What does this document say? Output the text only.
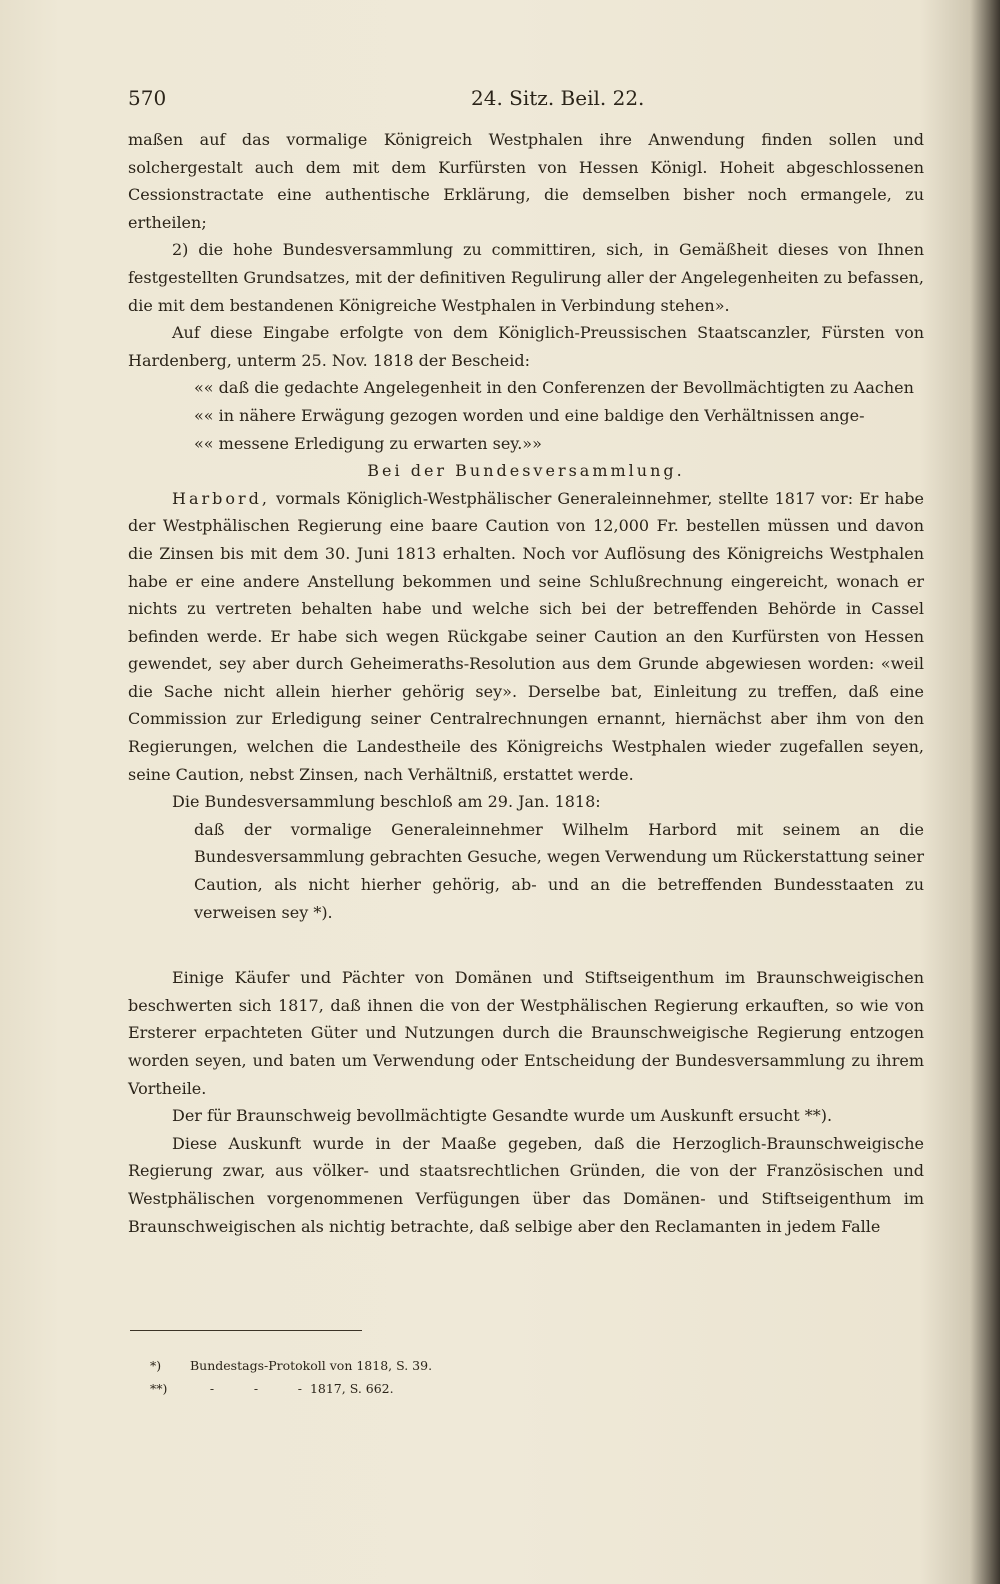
570	24. Sitz. Beil. 22.

maßen auf das vormalige Königreich Westphalen ihre Anwendung finden sollen und solchergestalt auch dem mit dem Kurfürsten von Hessen Königl. Hoheit abgeschlossenen Cessionstractate eine authentische Erklärung, die demselben bisher noch ermangele, zu ertheilen;

2) die hohe Bundesversammlung zu committiren, sich, in Gemäßheit dieses von Ihnen festgestellten Grundsatzes, mit der definitiven Regulirung aller der Angelegenheiten zu befassen, die mit dem bestandenen Königreiche Westphalen in Verbindung stehen».

Auf diese Eingabe erfolgte von dem Königlich-Preussischen Staatscanzler, Fürsten von Hardenberg, unterm 25. Nov. 1818 der Bescheid:

«« daß die gedachte Angelegenheit in den Conferenzen der Bevollmächtigten zu Aachen

«« in nähere Erwägung gezogen worden und eine baldige den Verhältnissen ange-

«« messene Erledigung zu erwarten sey.»»

Bei der Bundesversammlung.

Harbord, vormals Königlich-Westphälischer Generaleinnehmer, stellte 1817 vor: Er habe der Westphälischen Regierung eine baare Caution von 12,000 Fr. bestellen müssen und davon die Zinsen bis mit dem 30. Juni 1813 erhalten. Noch vor Auflösung des Königreichs Westphalen habe er eine andere Anstellung bekommen und seine Schlußrechnung eingereicht, wonach er nichts zu vertreten behalten habe und welche sich bei der betreffenden Behörde in Cassel befinden werde. Er habe sich wegen Rückgabe seiner Caution an den Kurfürsten von Hessen gewendet, sey aber durch Geheimeraths-Resolution aus dem Grunde abgewiesen worden: «weil die Sache nicht allein hierher gehörig sey». Derselbe bat, Einleitung zu treffen, daß eine Commission zur Erledigung seiner Centralrechnungen ernannt, hiernächst aber ihm von den Regierungen, welchen die Landestheile des Königreichs Westphalen wieder zugefallen seyen, seine Caution, nebst Zinsen, nach Verhältniß, erstattet werde.

Die Bundesversammlung beschloß am 29. Jan. 1818:

daß der vormalige Generaleinnehmer Wilhelm Harbord mit seinem an die Bundesversammlung gebrachten Gesuche, wegen Verwendung um Rückerstattung seiner Caution, als nicht hierher gehörig, ab- und an die betreffenden Bundesstaaten zu verweisen sey *).

Einige Käufer und Pächter von Domänen und Stiftseigenthum im Braunschweigischen beschwerten sich 1817, daß ihnen die von der Westphälischen Regierung erkauften, so wie von Ersterer erpachteten Güter und Nutzungen durch die Braunschweigische Regierung entzogen worden seyen, und baten um Verwendung oder Entscheidung der Bundesversammlung zu ihrem Vortheile.

Der für Braunschweig bevollmächtigte Gesandte wurde um Auskunft ersucht **).

Diese Auskunft wurde in der Maaße gegeben, daß die Herzoglich-Braunschweigische Regierung zwar, aus völker- und staatsrechtlichen Gründen, die von der Französischen und Westphälischen vorgenommenen Verfügungen über das Domänen- und Stiftseigenthum im Braunschweigischen als nichtig betrachte, daß selbige aber den Reclamanten in jedem Falle

*) Bundestags-Protokoll von 1818, S. 39.
**)     -          -          -  1817, S. 662.
